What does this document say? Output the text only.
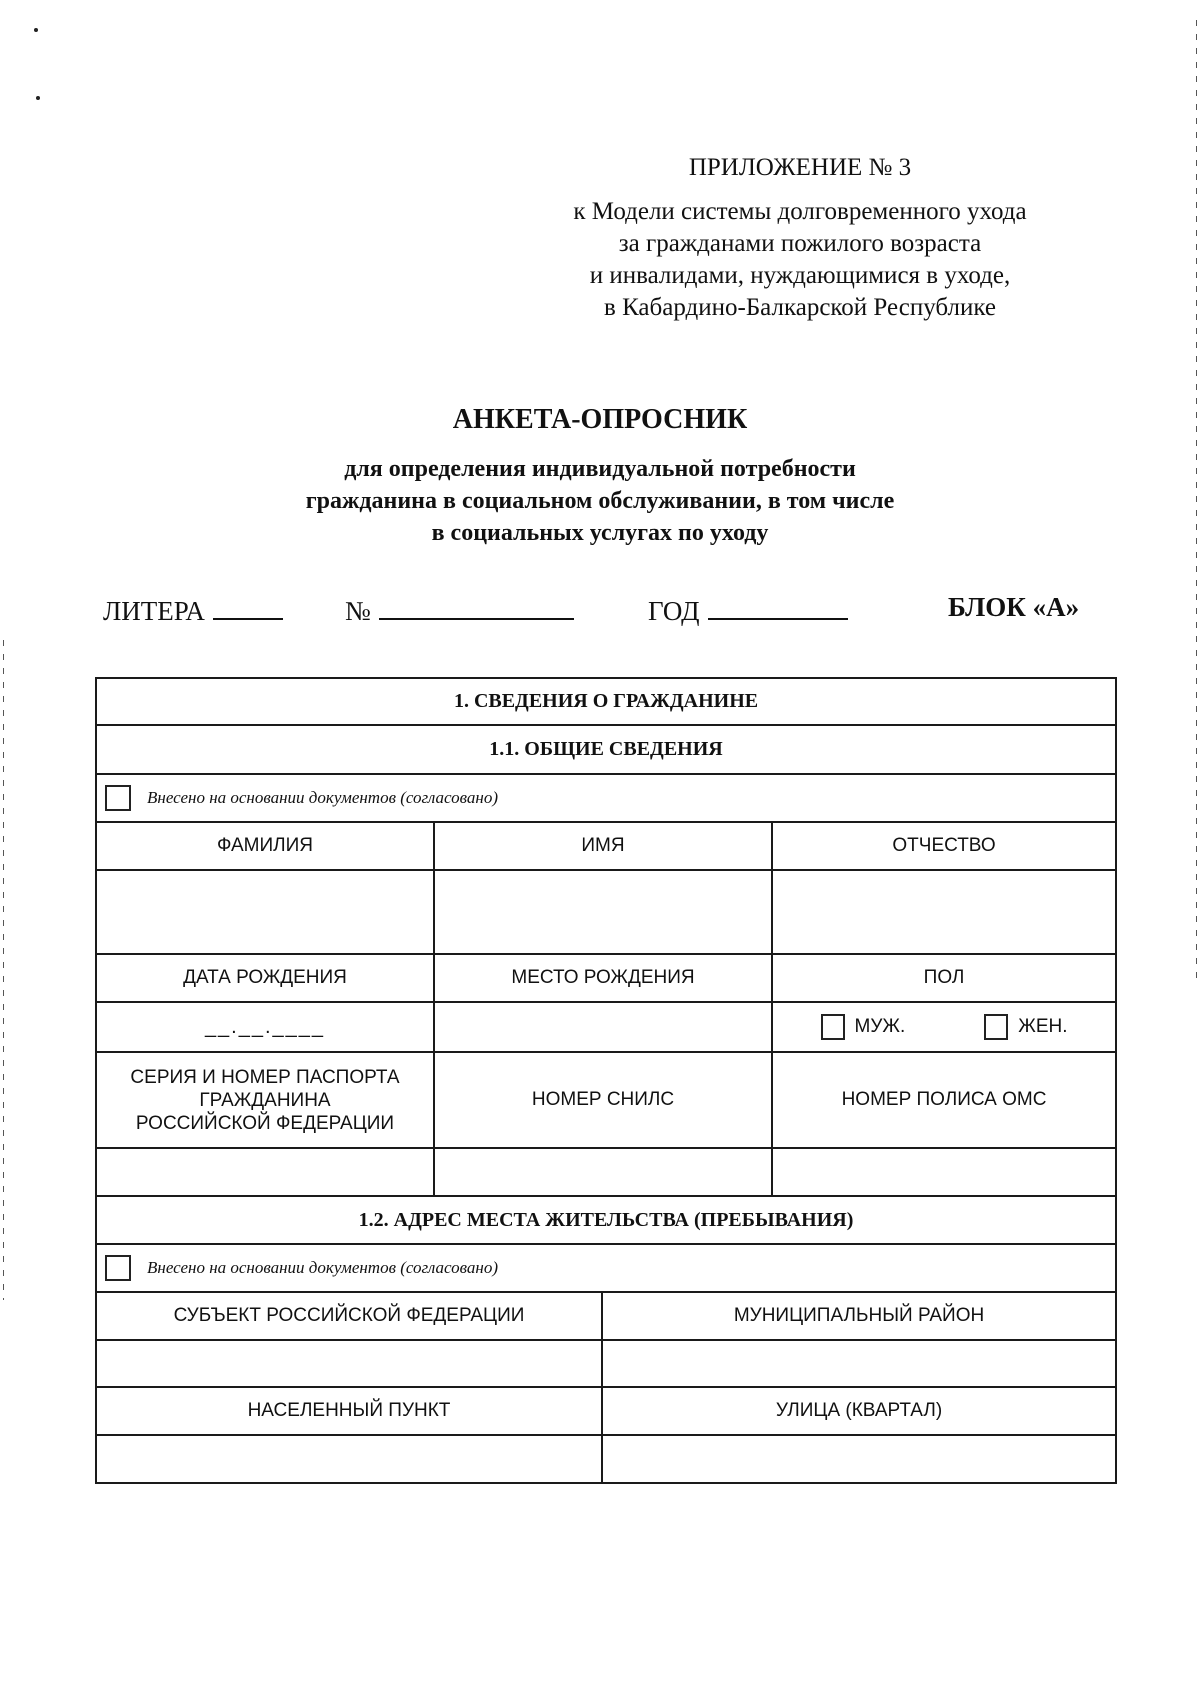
ПРИЛОЖЕНИЕ № 3
к Модели системы долговременного ухода
за гражданами пожилого возраста
и инвалидами, нуждающимися в уходе,
в Кабардино-Балкарской Республике
АНКЕТА-ОПРОСНИК
для определения индивидуальной потребности
гражданина в социальном обслуживании, в том числе
в социальных услугах по уходу
ЛИТЕРА	№	ГОД	БЛОК «А»
1. СВЕДЕНИЯ О ГРАЖДАНИНЕ			
1.1. ОБЩИЕ СВЕДЕНИЯ			

Внесено на основании документов (согласовано)			

ФАМИЛИЯ	ИМЯ		ОТЧЕСТВО

ДАТА РОЖДЕНИЯ	МЕСТО РОЖДЕНИЯ		ПОЛ
__.__.____			МУЖ. ЖЕН.

СЕРИЯ И НОМЕР ПАСПОРТА
ГРАЖДАНИНА
РОССИЙСКОЙ ФЕДЕРАЦИИ	НОМЕР СНИЛС		НОМЕР ПОЛИСА ОМС

1.2. АДРЕС МЕСТА ЖИТЕЛЬСТВА (ПРЕБЫВАНИЯ)			

Внесено на основании документов (согласовано)			

СУБЪЕКТ РОССИЙСКОЙ ФЕДЕРАЦИИ		МУНИЦИПАЛЬНЫЙ РАЙОН	

НАСЕЛЕННЫЙ ПУНКТ		УЛИЦА (КВАРТАЛ)	
